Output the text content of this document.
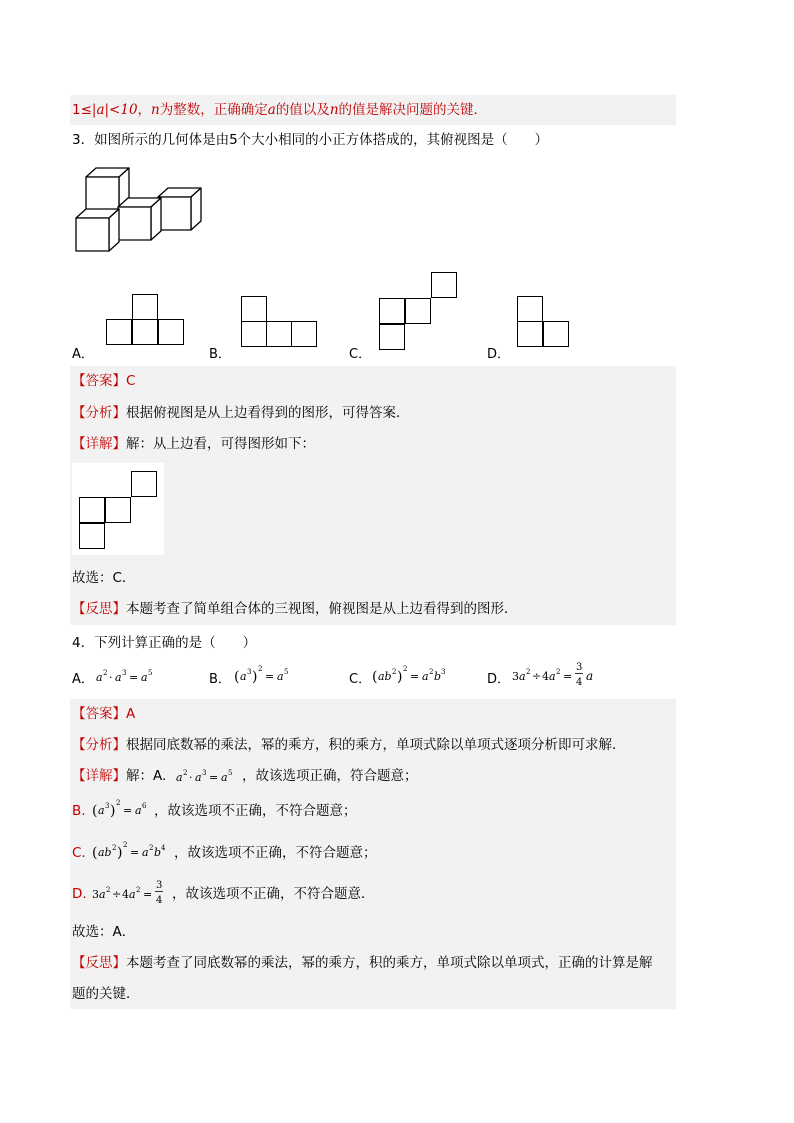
1≤|a|<10，n为整数，正确确定a的值以及n的值是解决问题的关键．
3．如图所示的几何体是由5个大小相同的小正方体搭成的，其俯视图是（　　）
A．	B．	C．	D．
【答案】C
【分析】根据俯视图是从上边看得到的图形，可得答案．
【详解】解：从上边看，可得图形如下：
故选：C．
【反思】本题考查了简单组合体的三视图，俯视图是从上边看得到的图形．
4．下列计算正确的是（　　）
A． a 2 · a 3 = a 5	B． ( a 3 ) 2
= a 5	C． ( ab 2 ) 2
= a 2 b 3	D． 3 a 2 ÷ 4 a 2 =
3
4 a
【答案】A
【分析】根据同底数幂的乘法，幂的乘方，积的乘方，单项式除以单项式逐项分析即可求解．
【详解】解：A. a 2 · a 3 = a 5 ，故该选项正确，符合题意；
B. ( a 3 ) 2
= a 6 ，故该选项不正确，不符合题意；
C. ( ab 2 ) 2
= a 2 b 4 ，故该选项不正确，不符合题意；
D. 3 a 2 ÷ 4 a 2 =
3
4 ，故该选项不正确，不符合题意．
故选：A．
【反思】本题考查了同底数幂的乘法，幂的乘方，积的乘方，单项式除以单项式，正确的计算是解
题的关键．
